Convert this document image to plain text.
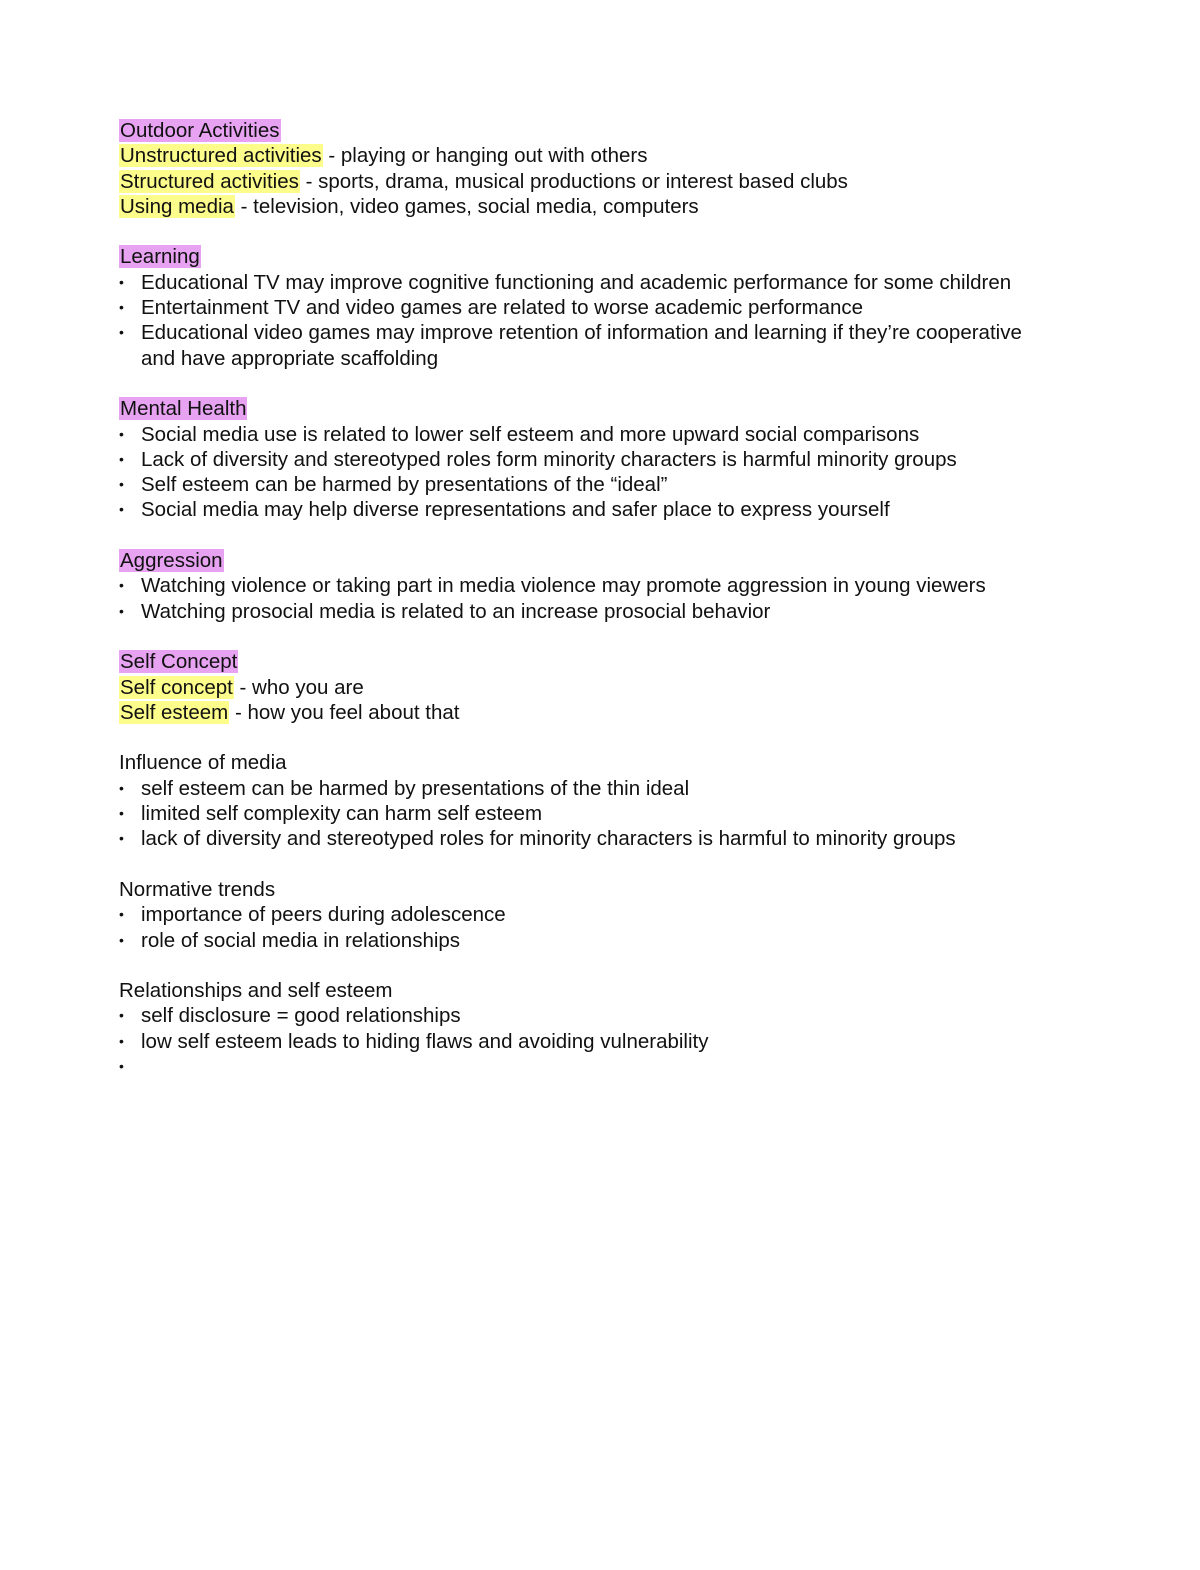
Outdoor Activities

Unstructured activities - playing or hanging out with others

Structured activities - sports, drama, musical productions or interest based clubs

Using media - television, video games, social media, computers

Learning

• Educational TV may improve cognitive functioning and academic performance for some children
• Entertainment TV and video games are related to worse academic performance
• Educational video games may improve retention of information and learning if they’re cooperative
and have appropriate scaffolding

Mental Health

• Social media use is related to lower self esteem and more upward social comparisons
• Lack of diversity and stereotyped roles form minority characters is harmful minority groups
• Self esteem can be harmed by presentations of the “ideal”
• Social media may help diverse representations and safer place to express yourself

Aggression

• Watching violence or taking part in media violence may promote aggression in young viewers
• Watching prosocial media is related to an increase prosocial behavior

Self Concept

Self concept - who you are

Self esteem - how you feel about that

Influence of media

• self esteem can be harmed by presentations of the thin ideal
• limited self complexity can harm self esteem
• lack of diversity and stereotyped roles for minority characters is harmful to minority groups

Normative trends

• importance of peers during adolescence
• role of social media in relationships

Relationships and self esteem

• self disclosure = good relationships
• low self esteem leads to hiding flaws and avoiding vulnerability
•
